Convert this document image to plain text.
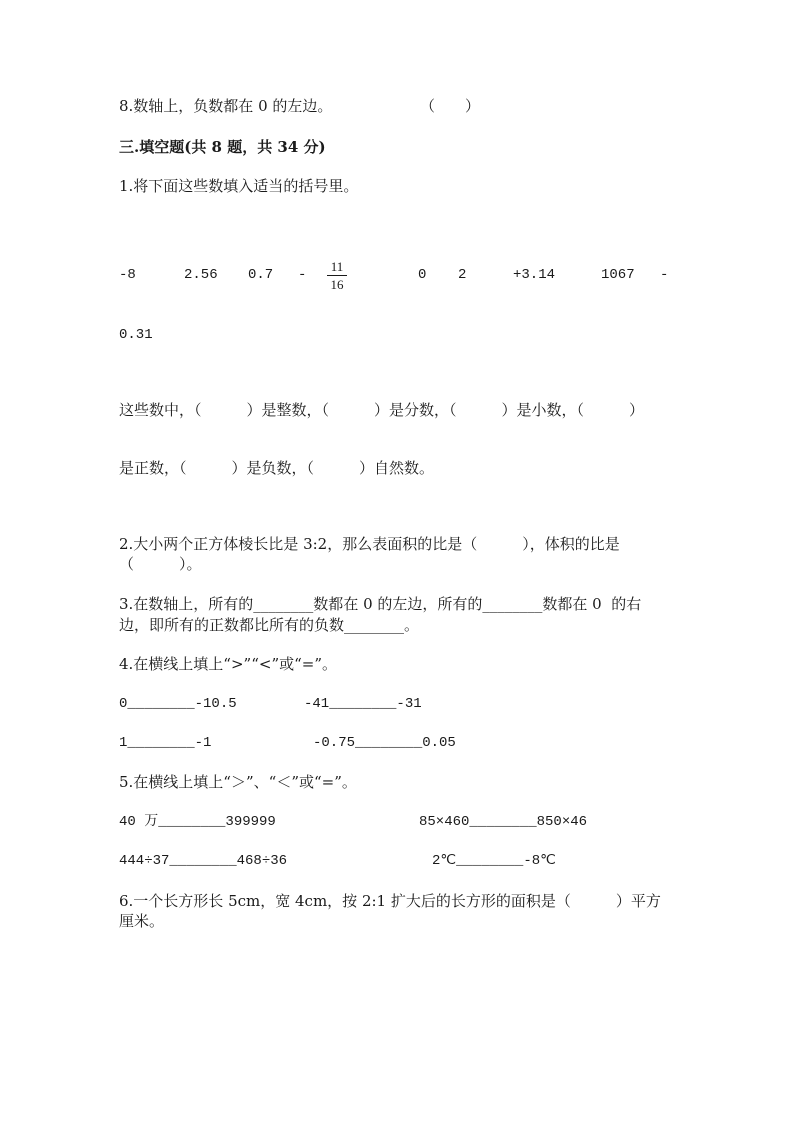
8.数轴上，负数都在 0 的左边。	（　　）
三.填空题(共 8 题，共 34 分)
1.将下面这些数填入适当的括号里。
-8	2.56 0.7 -
11
16
0 2	+3.14	1067 -
0.31
这些数中，（　　　）是整数，（　　　）是分数，（　　　）是小数，（　　　）
是正数，（　　　）是负数，（　　　）自然数。
2.大小两个正方体棱长比是 3:2，那么表面积的比是（　　　），体积的比是
（　　　）。
3.在数轴上，所有的________数都在 0 的左边，所有的________数都在 0  的右
边，即所有的正数都比所有的负数________。
4.在横线上填上“>”“<”或“=”。
0________-10.5	-41________-31
1________-1	-0.75________0.05
5.在横线上填上“＞”、“＜”或“=”。
40 万________399999	85×460________850×46
444÷37________468÷36	2℃________-8℃
6.一个长方形长 5cm，宽 4cm，按 2:1 扩大后的长方形的面积是（　　　）平方
厘米。
